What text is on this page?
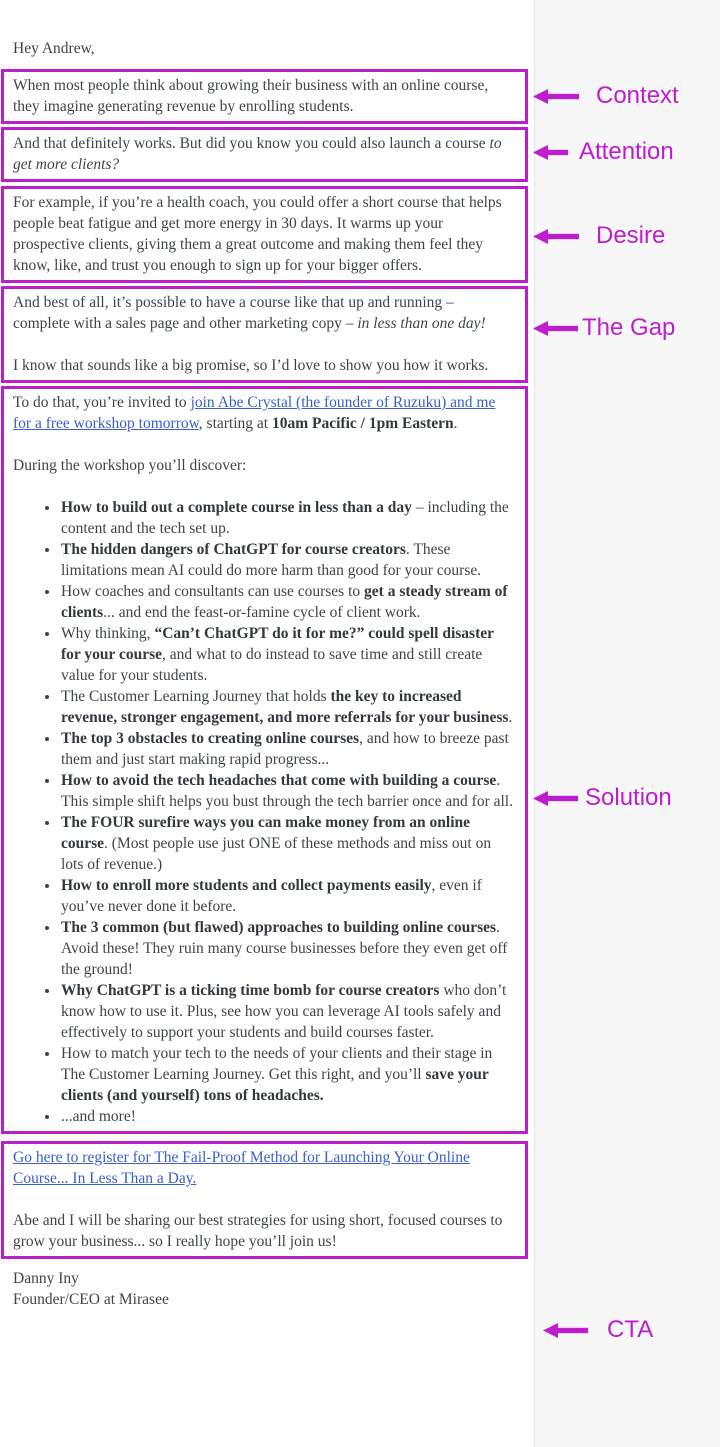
Hey Andrew,

When most people think about growing their business with an online course, they imagine generating revenue by enrolling students.

And that definitely works. But did you know you could also launch a course to get more clients?

For example, if you’re a health coach, you could offer a short course that helps people beat fatigue and get more energy in 30 days. It warms up your prospective clients, giving them a great outcome and making them feel they know, like, and trust you enough to sign up for your bigger offers.

And best of all, it’s possible to have a course like that up and running – complete with a sales page and other marketing copy – in less than one day!

I know that sounds like a big promise, so I’d love to show you how it works.

To do that, you’re invited to join Abe Crystal (the founder of Ruzuku) and me for a free workshop tomorrow, starting at 10am Pacific / 1pm Eastern.

During the workshop you’ll discover:

• How to build out a complete course in less than a day – including the content and the tech set up.
• The hidden dangers of ChatGPT for course creators. These limitations mean AI could do more harm than good for your course.
• How coaches and consultants can use courses to get a steady stream of clients... and end the feast-or-famine cycle of client work.
• Why thinking, “Can’t ChatGPT do it for me?” could spell disaster for your course, and what to do instead to save time and still create value for your students.
• The Customer Learning Journey that holds the key to increased revenue, stronger engagement, and more referrals for your business.
• The top 3 obstacles to creating online courses, and how to breeze past them and just start making rapid progress...
• How to avoid the tech headaches that come with building a course. This simple shift helps you bust through the tech barrier once and for all.
• The FOUR surefire ways you can make money from an online course. (Most people use just ONE of these methods and miss out on lots of revenue.)
• How to enroll more students and collect payments easily, even if you’ve never done it before.
• The 3 common (but flawed) approaches to building online courses. Avoid these! They ruin many course businesses before they even get off the ground!
• Why ChatGPT is a ticking time bomb for course creators who don’t know how to use it. Plus, see how you can leverage AI tools safely and effectively to support your students and build courses faster.
• How to match your tech to the needs of your clients and their stage in The Customer Learning Journey. Get this right, and you’ll save your clients (and yourself) tons of headaches.
• ...and more!

Go here to register for The Fail-Proof Method for Launching Your Online Course... In Less Than a Day.

Abe and I will be sharing our best strategies for using short, focused courses to grow your business... so I really hope you’ll join us!

Danny Iny
Founder/CEO at Mirasee
Context
Attention
Desire
The Gap
Solution
CTA
